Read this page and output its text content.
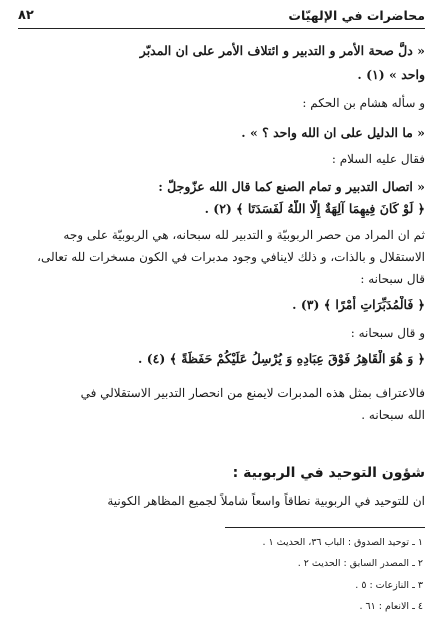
محاضرات في الإلهيّات
٨٢
« دلَّ صحة الأمر و التدبير و ائتلاف الأمر على ان المدبّر
واحد » (١) .
و سأله هشام بن الحكم :
« ما الدليل على ان الله واحد ؟ » .
فقال عليه السلام :
« اتصال التدبير و تمام الصنع كما قال الله عزّوجلّ :
﴿ لَوْ كَانَ فِيهِمَا آلِهَةٌ إِلَّا اللَّهُ لَفَسَدَتَا ﴾ (٢) .
ثم ان المراد من حصر الربوبيّة و التدبير لله سبحانه، هي الربوبيّة على وجه
الاستقلال و بالذات، و ذلك لاينافي وجود مدبرات في الكون مسخرات لله تعالى،
قال سبحانه :
﴿ فَالْمُدَبِّرَاتِ أَمْرًا ﴾ (٣) .
و قال سبحانه :
﴿ وَ هُوَ الْقَاهِرُ فَوْقَ عِبَادِهِ وَ يُرْسِلُ عَلَيْكُمْ حَفَظَةً ﴾ (٤) .
فالاعتراف بمثل هذه المدبرات لايمنع من انحصار التدبير الاستقلالي في
الله سبحانه .
شؤون التوحيد في الربوبية :
ان للتوحيد في الربوبية نطاقاً واسعاً شاملاً لجميع المظاهر الكونية
١ ـ توحيد الصدوق : الباب ٣٦، الحديث ١ .
٢ ـ المصدر السابق : الحديث ٢ .
٣ ـ النازعات : ٥ .
٤ ـ الانعام : ٦١ .
